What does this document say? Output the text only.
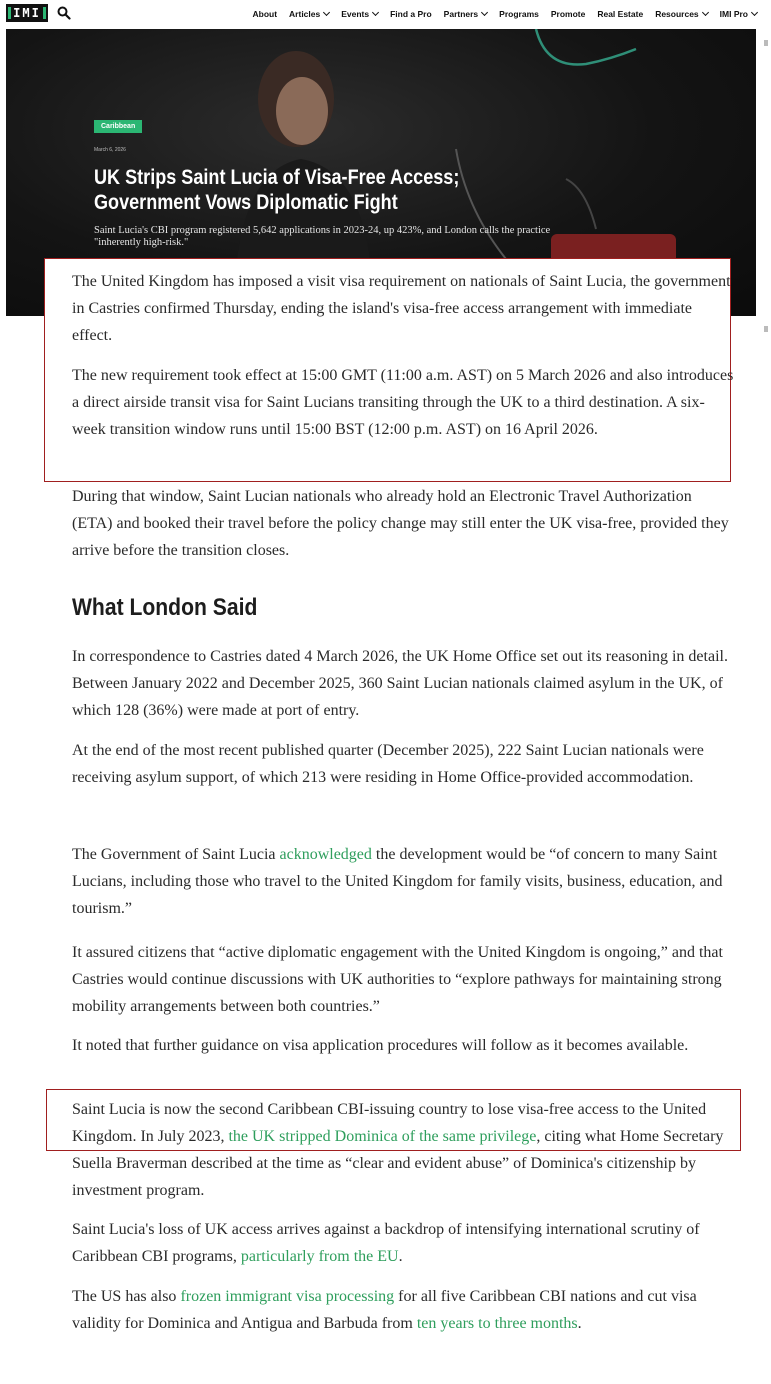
IMI	About Articles Events Find a Pro Partners Programs Promote Real Estate Resources IMI Pro
Caribbean
March 6, 2026
UK Strips Saint Lucia of Visa-Free Access; Government Vows Diplomatic Fight
Saint Lucia's CBI program registered 5,642 applications in 2023-24, up 423%, and London calls the practice "inherently high-risk."

The United Kingdom has imposed a visit visa requirement on nationals of Saint Lucia, the government in Castries confirmed Thursday, ending the island's visa-free access arrangement with immediate effect.

The new requirement took effect at 15:00 GMT (11:00 a.m. AST) on 5 March 2026 and also introduces a direct airside transit visa for Saint Lucians transiting through the UK to a third destination. A six-week transition window runs until 15:00 BST (12:00 p.m. AST) on 16 April 2026.

During that window, Saint Lucian nationals who already hold an Electronic Travel Authorization (ETA) and booked their travel before the policy change may still enter the UK visa-free, provided they arrive before the transition closes.

What London Said

In correspondence to Castries dated 4 March 2026, the UK Home Office set out its reasoning in detail. Between January 2022 and December 2025, 360 Saint Lucian nationals claimed asylum in the UK, of which 128 (36%) were made at port of entry.

At the end of the most recent published quarter (December 2025), 222 Saint Lucian nationals were receiving asylum support, of which 213 were residing in Home Office-provided accommodation.

The Government of Saint Lucia acknowledged the development would be “of concern to many Saint Lucians, including those who travel to the United Kingdom for family visits, business, education, and tourism.”

It assured citizens that “active diplomatic engagement with the United Kingdom is ongoing,” and that Castries would continue discussions with UK authorities to “explore pathways for maintaining strong mobility arrangements between both countries.”

It noted that further guidance on visa application procedures will follow as it becomes available.

Saint Lucia is now the second Caribbean CBI-issuing country to lose visa-free access to the United Kingdom. In July 2023, the UK stripped Dominica of the same privilege, citing what Home Secretary Suella Braverman described at the time as “clear and evident abuse” of Dominica's citizenship by investment program.

Saint Lucia's loss of UK access arrives against a backdrop of intensifying international scrutiny of Caribbean CBI programs, particularly from the EU.

The US has also frozen immigrant visa processing for all five Caribbean CBI nations and cut visa validity for Dominica and Antigua and Barbuda from ten years to three months.
